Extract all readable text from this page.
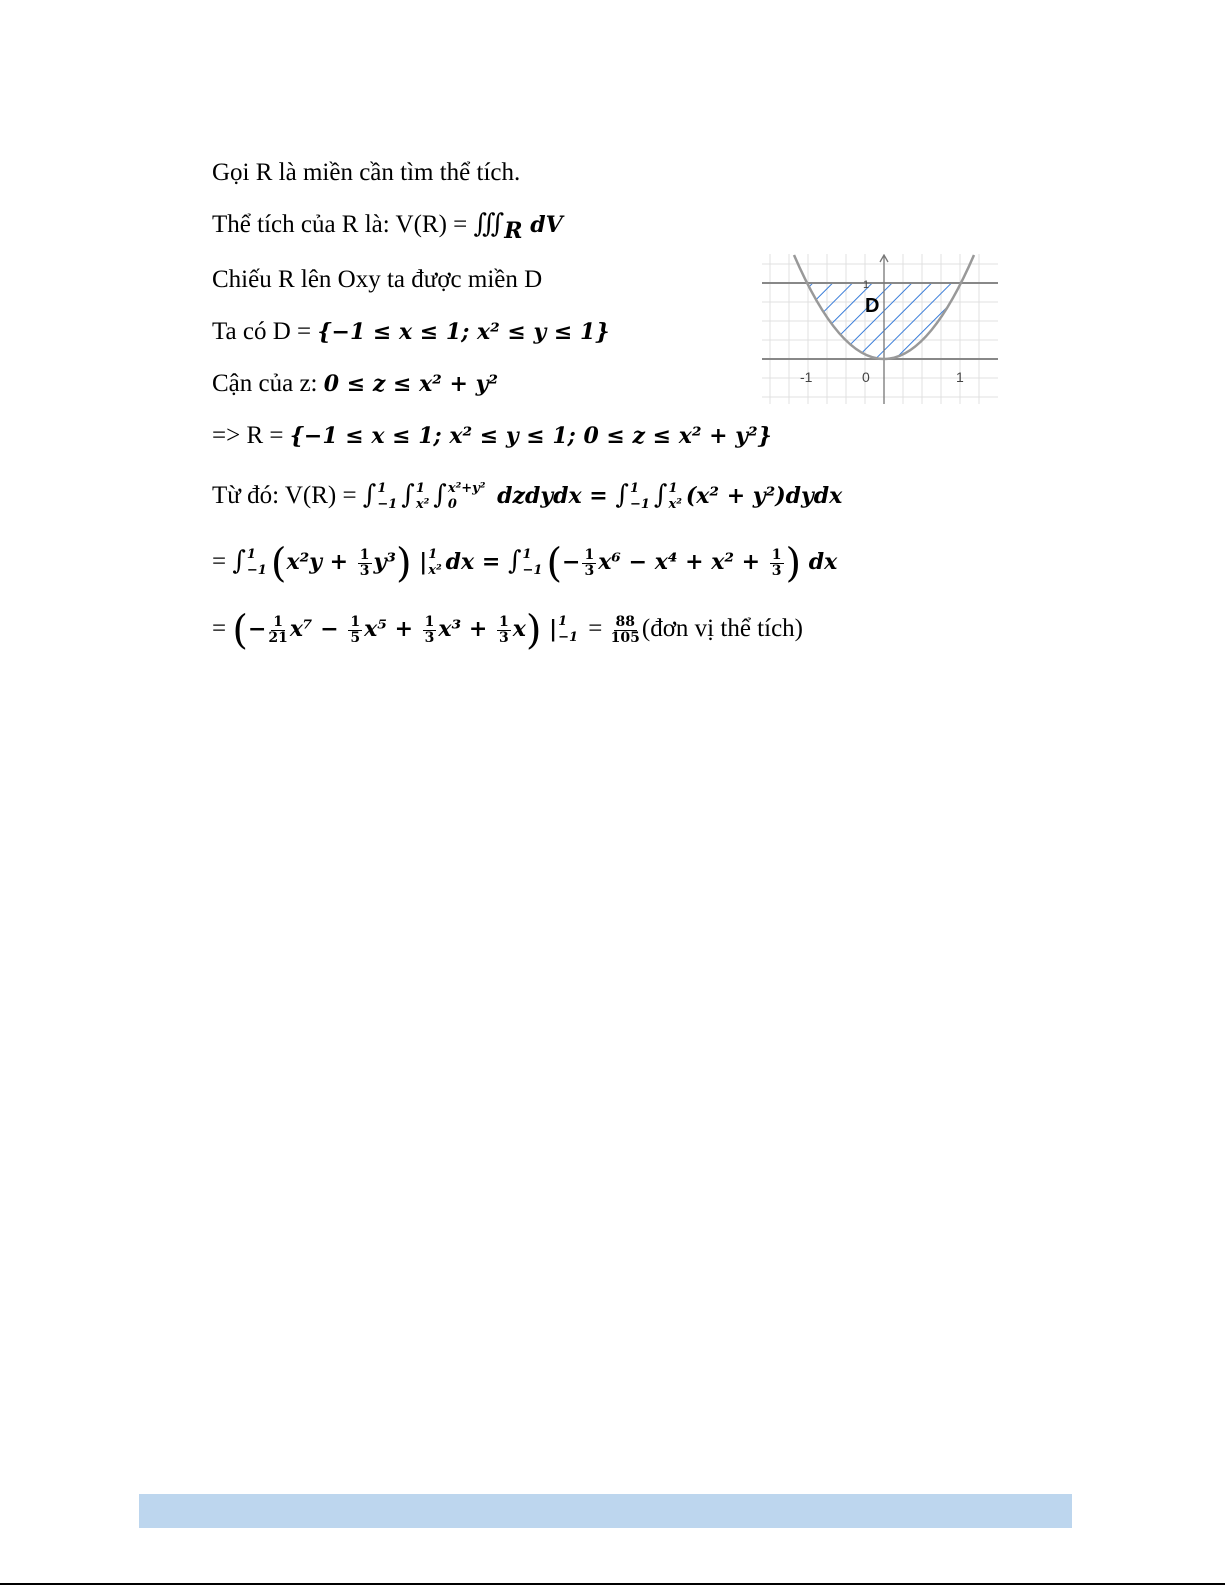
Gọi R là miền cần tìm thể tích.
Thể tích của R là: $V(R) = ∭_R$ dV
Chiếu R lên Oxy ta được miền D
Ta có D = {−1 ≤ x ≤ 1; x² ≤ y ≤ 1}
Cận của z: 0 ≤ z ≤ x² + y²
=> R = {−1 ≤ x ≤ 1; x² ≤ y ≤ 1; 0 ≤ z ≤ x² + y²}
Từ đó: V(R) = ∫ 1
−1 ∫ 1
x² ∫ x²+y²
0	dzdydx = ∫ 1
−1 ∫ 1
x² (x² + y²)dydx
= ∫ 1
−1 $(x^2y + \frac{1}{3} y^3)$ | 1
x² dx = ∫ 1
−1 (− $\frac{1}{3} x^6 - x^4 + x^2 + \frac{1}{3}$ ) dx
= (− $\frac{1}{21} x^7 - \frac{1}{5} x^5 + \frac{1}{3} x^3 + \frac{1}{3} x$) | 1
$-1 = \frac{88}{105}$ (đơn vị thể tích)
D
1
-1	0	1
